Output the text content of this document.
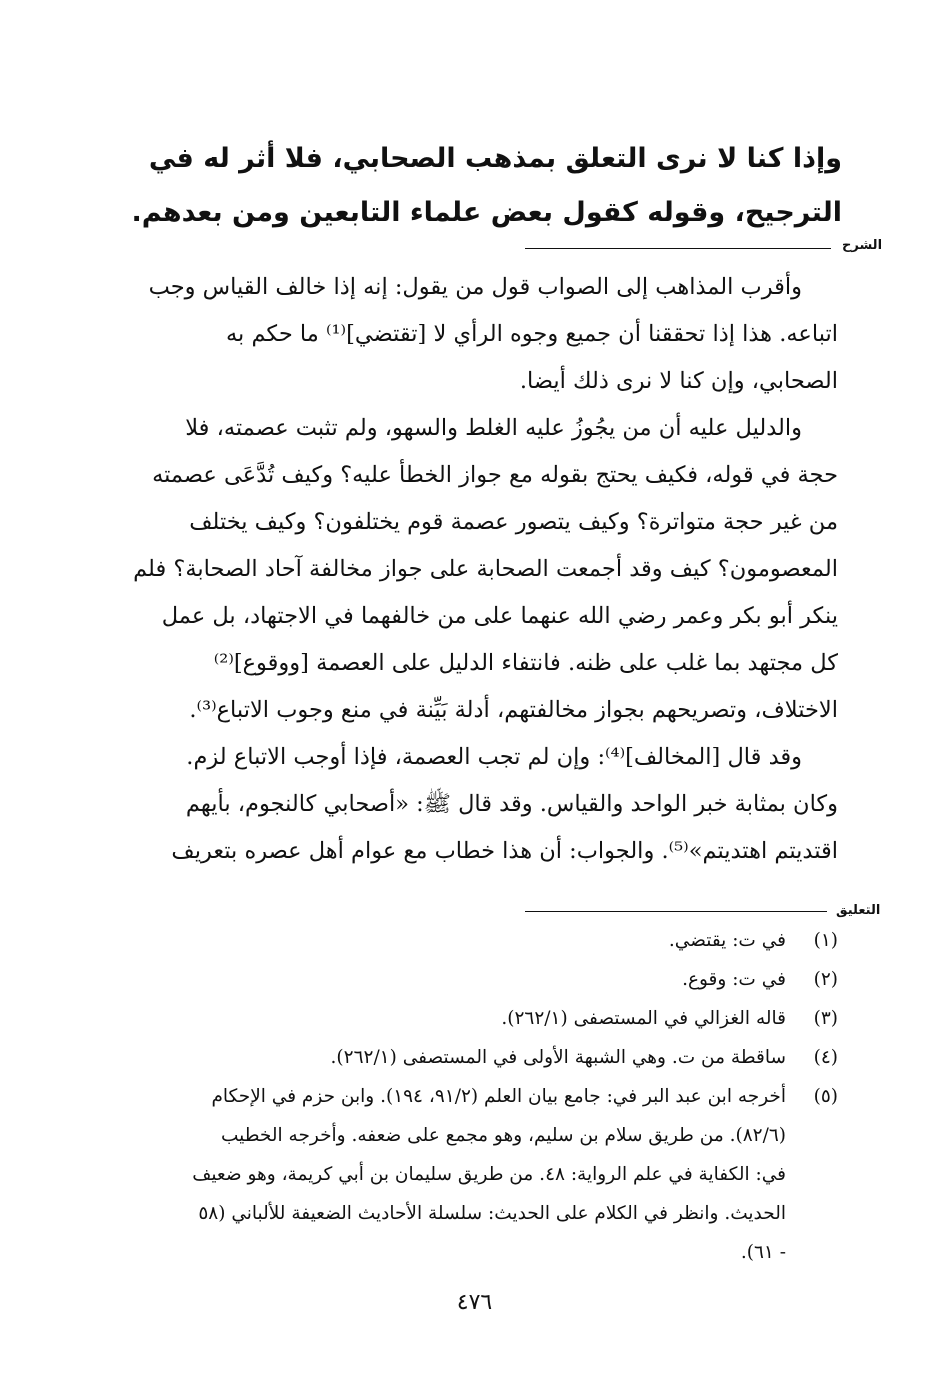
وإذا كنا لا نرى التعلق بمذهب الصحابي، فلا أثر له في
الترجيح، وقوله كقول بعض علماء التابعين ومن بعدهم.
الشرح
وأقرب المذاهب إلى الصواب قول من يقول: إنه إذا خالف القياس وجب
اتباعه. هذا إذا تحققنا أن جميع وجوه الرأي لا [تقتضي]⁽¹⁾ ما حكم به
الصحابي، وإن كنا لا نرى ذلك أيضا.
والدليل عليه أن من يجُوزُ عليه الغلط والسهو، ولم تثبت عصمته، فلا
حجة في قوله، فكيف يحتج بقوله مع جواز الخطأ عليه؟ وكيف تُدَّعَى عصمته
من غير حجة متواترة؟ وكيف يتصور عصمة قوم يختلفون؟ وكيف يختلف
المعصومون؟ كيف وقد أجمعت الصحابة على جواز مخالفة آحاد الصحابة؟ فلم
ينكر أبو بكر وعمر رضي الله عنهما على من خالفهما في الاجتهاد، بل عمل
كل مجتهد بما غلب على ظنه. فانتفاء الدليل على العصمة [ووقوع]⁽²⁾
الاختلاف، وتصريحهم بجواز مخالفتهم، أدلة بَيِّنة في منع وجوب الاتباع⁽³⁾.
وقد قال [المخالف]⁽⁴⁾: وإن لم تجب العصمة، فإذا أوجب الاتباع لزم.
وكان بمثابة خبر الواحد والقياس. وقد قال ﷺ: «أصحابي كالنجوم، بأيهم
اقتديتم اهتديتم»⁽⁵⁾. والجواب: أن هذا خطاب مع عوام أهل عصره بتعريف
التعليق
(١)
في ت: يقتضي.
(٢)
في ت: وقوع.
(٣)
قاله الغزالي في المستصفى (٢٦٢/١).
(٤)
ساقطة من ت. وهي الشبهة الأولى في المستصفى (٢٦٢/١).
(٥)
أخرجه ابن عبد البر في: جامع بيان العلم (٩١/٢، ١٩٤). وابن حزم في الإحكام
(٨٢/٦). من طريق سلام بن سليم، وهو مجمع على ضعفه. وأخرجه الخطيب
في: الكفاية في علم الرواية: ٤٨. من طريق سليمان بن أبي كريمة، وهو ضعيف
الحديث. وانظر في الكلام على الحديث: سلسلة الأحاديث الضعيفة للألباني (٥٨
- ٦١).
٤٧٦
